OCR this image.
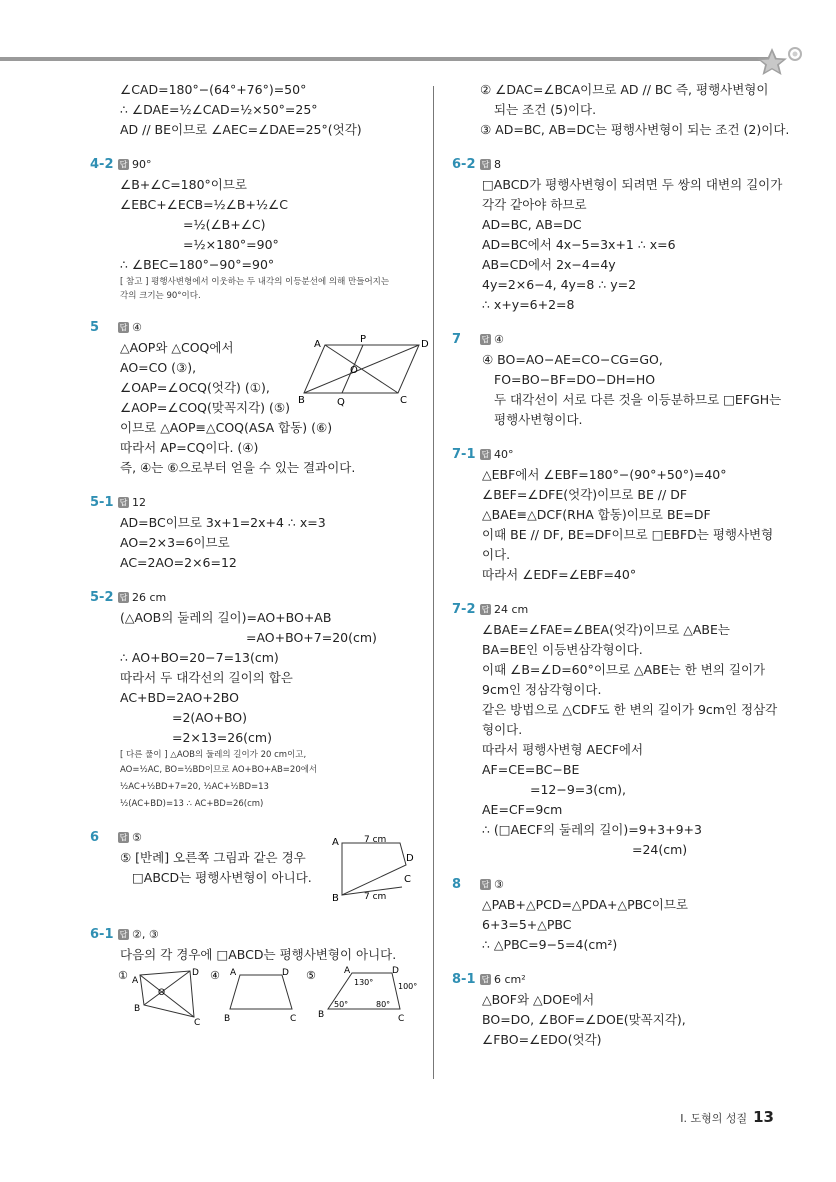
∠CAD=180°−(64°+76°)=50°
∴ ∠DAE=½∠CAD=½×50°=25°
AD // BE이므로 ∠AEC=∠DAE=25°(엇각)
4-2 답 90°
∠B+∠C=180°이므로
∠EBC+∠ECB=½∠B+½∠C
=½(∠B+∠C)
=½×180°=90°
∴ ∠BEC=180°−90°=90°
[ 참고 ] 평행사변형에서 이웃하는 두 내각의 이등분선에 의해 만들어지는
각의 크기는 90°이다.
5	답 ④
△AOP와 △COQ에서
AO=CO (③),
∠OAP=∠OCQ(엇각) (①),
∠AOP=∠COQ(맞꼭지각) (⑤)
이므로 △AOP≡△COQ(ASA 합동) (⑥)
따라서 AP=CQ이다. (④)
즉, ④는 ⑥으로부터 얻을 수 있는 결과이다.
A	P	D
O
B	Q	C
5-1 답 12
AD=BC이므로 3x+1=2x+4 ∴ x=3
AO=2×3=6이므로
AC=2AO=2×6=12
5-2 답 26 cm
(△AOB의 둘레의 길이)=AO+BO+AB
=AO+BO+7=20(cm)
∴ AO+BO=20−7=13(cm)
따라서 두 대각선의 길이의 합은
AC+BD=2AO+2BO
=2(AO+BO)
=2×13=26(cm)
[ 다른 풀이 ] △AOB의 둘레의 길이가 20 cm이고,
AO=½AC, BO=½BD이므로 AO+BO+AB=20에서
½AC+½BD+7=20, ½AC+½BD=13
½(AC+BD)=13 ∴ AC+BD=26(cm)
6	답 ⑤
⑤ [반례] 오른쪽 그림과 같은 경우
□ABCD는 평행사변형이 아니다.
A
D
C
B
7 cm
7 cm
6-1 답 ②, ③
다음의 각 경우에 □ABCD는 평행사변형이 아니다.
① A
D
O
B
C
④ A	D
B	C
⑤	A	D
B	C
130°	100°
50°	80°
② ∠DAC=∠BCA이므로 AD // BC 즉, 평행사변형이
되는 조건 (5)이다.
③ AD=BC, AB=DC는 평행사변형이 되는 조건 (2)이다.
6-2 답 8
□ABCD가 평행사변형이 되려면 두 쌍의 대변의 길이가
각각 같아야 하므로
AD=BC, AB=DC
AD=BC에서 4x−5=3x+1 ∴ x=6
AB=CD에서 2x−4=4y
4y=2×6−4, 4y=8 ∴ y=2
∴ x+y=6+2=8
7	답 ④
④ BO=AO−AE=CO−CG=GO,
FO=BO−BF=DO−DH=HO
두 대각선이 서로 다른 것을 이등분하므로 □EFGH는
평행사변형이다.
7-1 답 40°
△EBF에서 ∠EBF=180°−(90°+50°)=40°
∠BEF=∠DFE(엇각)이므로 BE // DF
△BAE≡△DCF(RHA 합동)이므로 BE=DF
이때 BE // DF, BE=DF이므로 □EBFD는 평행사변형
이다.
따라서 ∠EDF=∠EBF=40°
7-2 답 24 cm
∠BAE=∠FAE=∠BEA(엇각)이므로 △ABE는
BA=BE인 이등변삼각형이다.
이때 ∠B=∠D=60°이므로 △ABE는 한 변의 길이가
9cm인 정삼각형이다.
같은 방법으로 △CDF도 한 변의 길이가 9cm인 정삼각
형이다.
따라서 평행사변형 AECF에서
AF=CE=BC−BE
=12−9=3(cm),
AE=CF=9cm
∴ (□AECF의 둘레의 길이)=9+3+9+3
=24(cm)
8	답 ③
△PAB+△PCD=△PDA+△PBC이므로
6+3=5+△PBC
∴ △PBC=9−5=4(cm²)
8-1 답 6 cm²
△BOF와 △DOE에서
BO=DO, ∠BOF=∠DOE(맞꼭지각),
∠FBO=∠EDO(엇각)
Ⅰ. 도형의 성질 13
